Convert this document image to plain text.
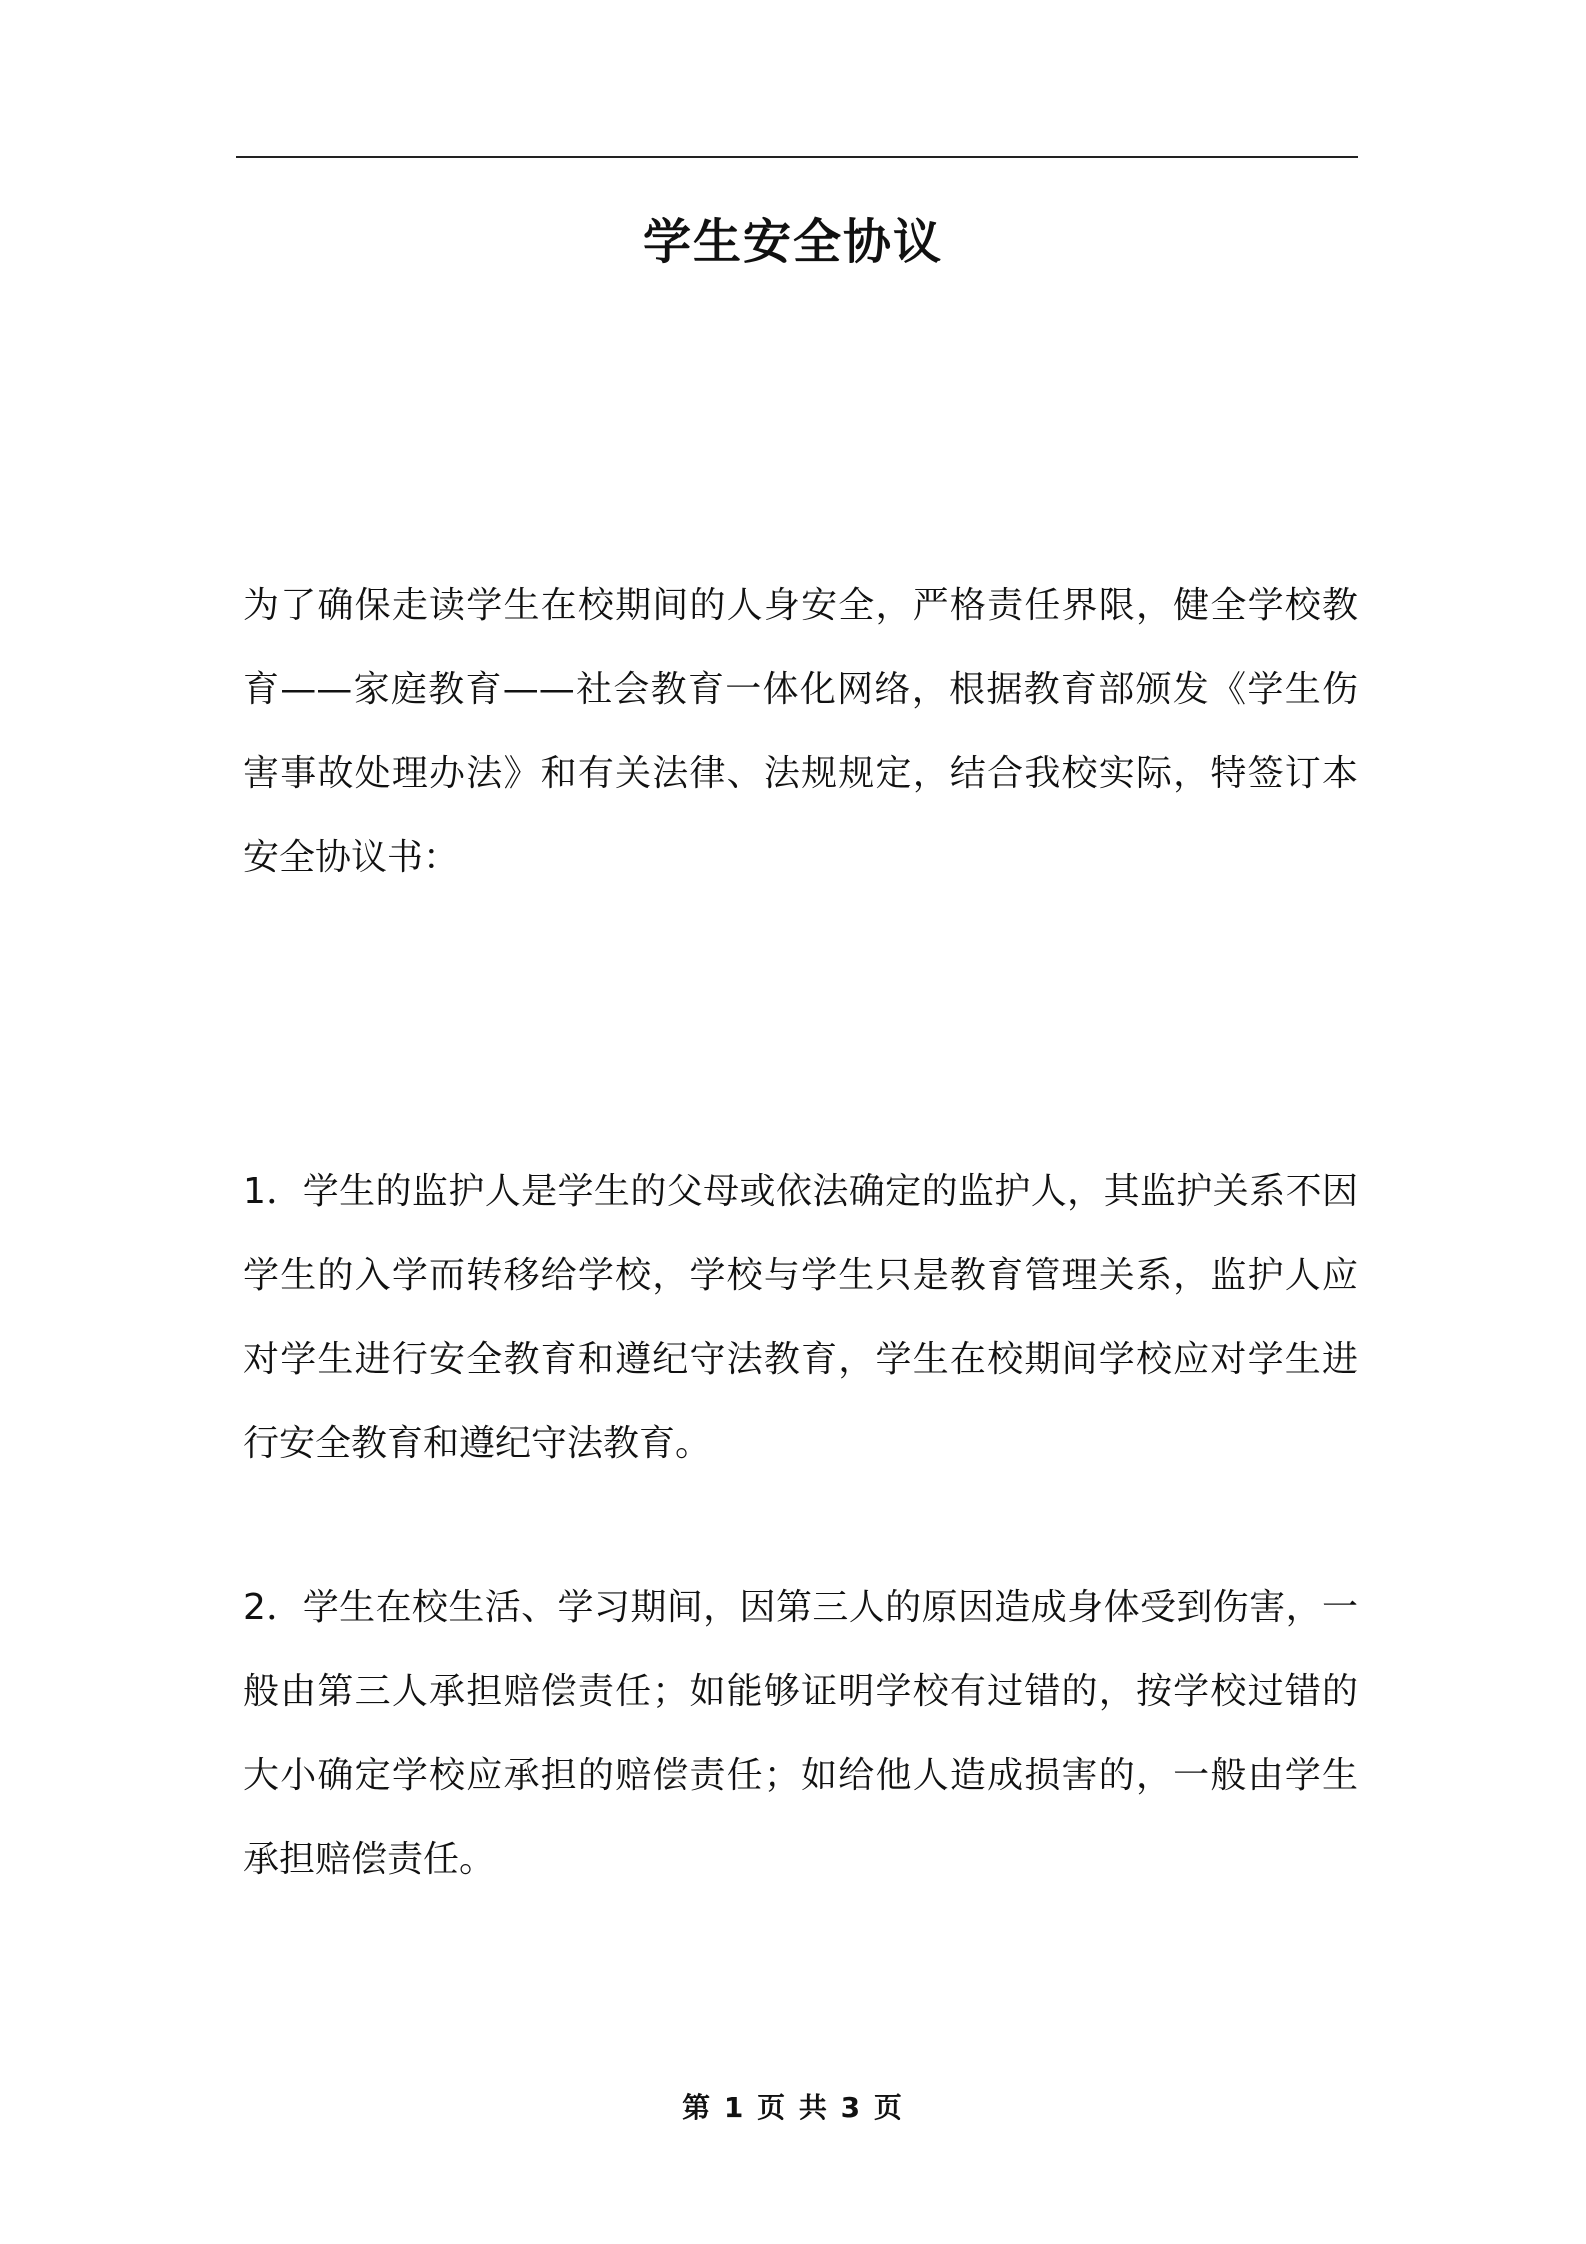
学生安全协议
为了确保走读学生在校期间的人身安全，严格责任界限，健全学校教育——家庭教育——社会教育一体化网络，根据教育部颁发《学生伤害事故处理办法》和有关法律、法规规定，结合我校实际，特签订本安全协议书：
1．学生的监护人是学生的父母或依法确定的监护人，其监护关系不因学生的入学而转移给学校，学校与学生只是教育管理关系，监护人应对学生进行安全教育和遵纪守法教育，学生在校期间学校应对学生进行安全教育和遵纪守法教育。
2．学生在校生活、学习期间，因第三人的原因造成身体受到伤害，一般由第三人承担赔偿责任；如能够证明学校有过错的，按学校过错的大小确定学校应承担的赔偿责任；如给他人造成损害的，一般由学生承担赔偿责任。
第 1 页 共 3 页
